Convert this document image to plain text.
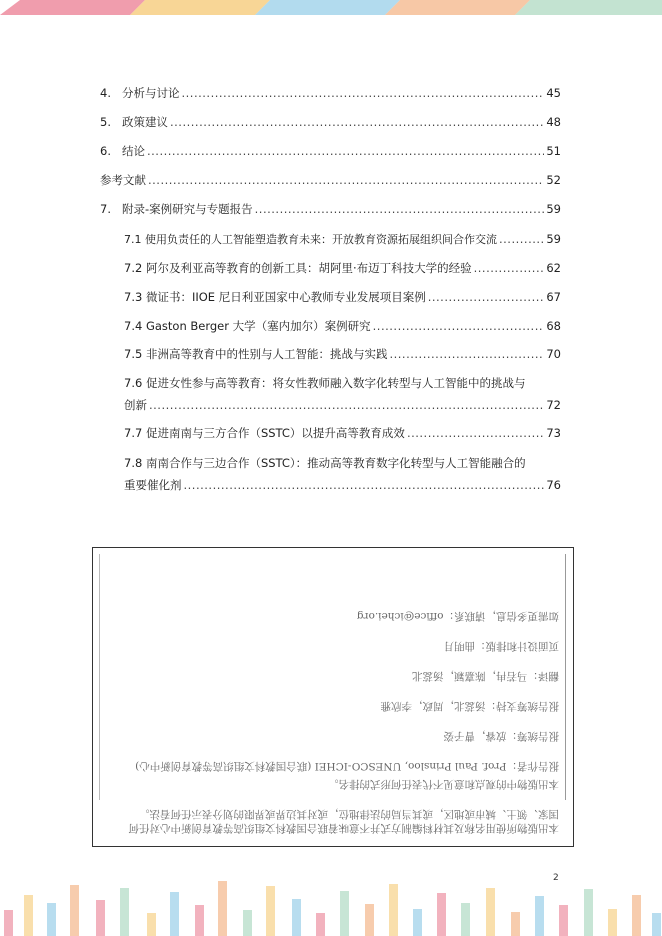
4. 分析与讨论 .....	45
5. 政策建议 .....	48
6. 结论 .....	51
参考文献 .....	52
7. 附录-案例研究与专题报告 .....	59
7.1 使用负责任的人工智能塑造教育未来：开放教育资源拓展组织间合作交流 .....	59
7.2 阿尔及利亚高等教育的创新工具：胡阿里·布迈丁科技大学的经验 .....	62
7.3 微证书：IIOE 尼日利亚国家中心教师专业发展项目案例 .....	67
7.4 Gaston Berger 大学（塞内加尔）案例研究 .....	68
7.5 非洲高等教育中的性别与人工智能：挑战与实践 .....	70
7.6 促进女性参与高等教育：将女性教师融入数字化转型与人工智能中的挑战与
创新 .....	72
7.7 促进南南与三方合作（SSTC）以提升高等教育成效 .....	73
7.8 南南合作与三边合作（SSTC）：推动高等教育数字化转型与人工智能融合的
重要催化剂 .....	76
本出版物所使用名称及其材料编制方式并不意味着联合国教科文组织高等教育创新中心对任何
国家、领土、城市或地区，或其当局的法律地位，或对其边界或界限的划分表示任何看法。
本出版物中的观点和意见不代表任何形式的排名。
报告作者：Prof. Paul Prinsloo, UNESCO-ICHEI (联合国教科文组织高等教育创新中心)
报告统筹：放睿，曹子姿
报告统筹支持：汤蕊北，周政，李欣雅
翻译：马若冉，陈嘉颖，汤蕊北
页面设计和排版：曲明月
如需更多信息，请联系：office@ichei.org
2
